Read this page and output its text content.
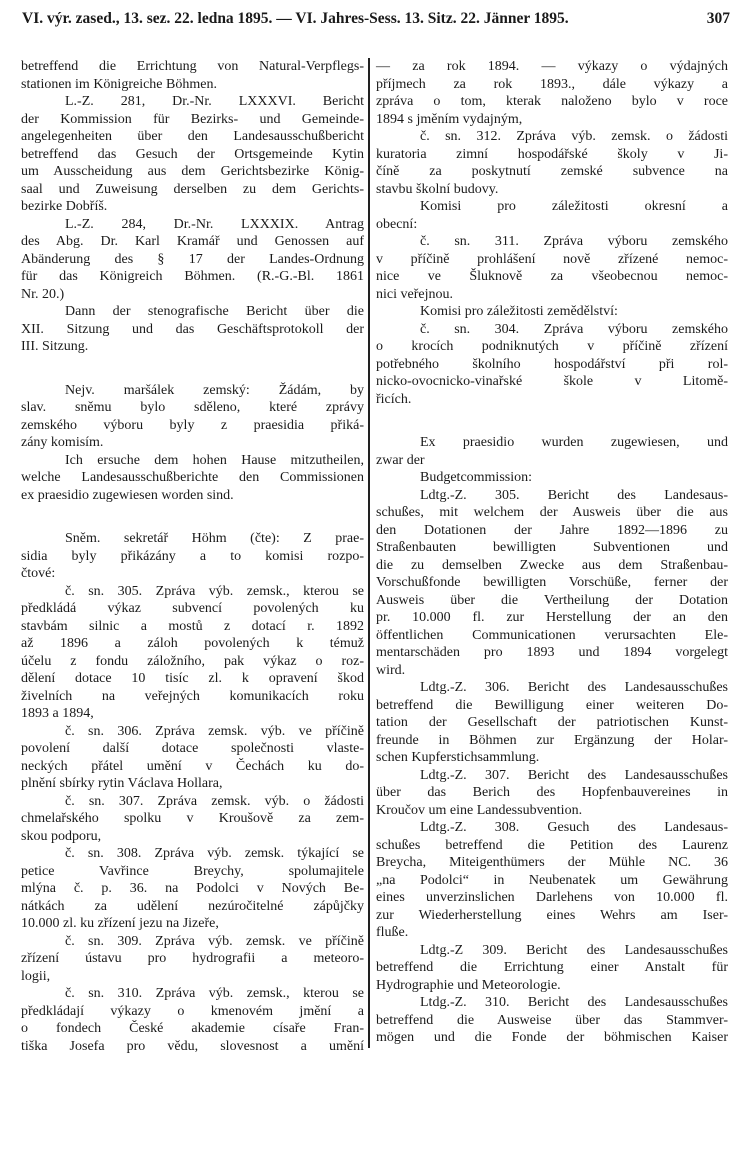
VI. výr. zased., 13. sez. 22. ledna 1895. — VI. Jahres-Sess. 13. Sitz. 22. Jänner 1895.	307
betreffend die Errichtung von Natural-Verpflegs-
stationen im Königreiche Böhmen.
L.-Z. 281, Dr.-Nr. LXXXVI. Bericht
der Kommission für Bezirks- und Gemeinde-
angelegenheiten über den Landesausschußbericht
betreffend das Gesuch der Ortsgemeinde Kytin
um Ausscheidung aus dem Gerichtsbezirke König-
saal und Zuweisung derselben zu dem Gerichts-
bezirke Dobříš.
L.-Z. 284, Dr.-Nr. LXXXIX. Antrag
des Abg. Dr. Karl Kramář und Genossen auf
Abänderung des § 17 der Landes-Ordnung
für das Königreich Böhmen. (R.-G.-Bl. 1861
Nr. 20.)
Dann der stenografische Bericht über die
XII. Sitzung und das Geschäftsprotokoll der
III. Sitzung.
Nejv. maršálek zemský: Žádám, by
slav. sněmu bylo sděleno, které zprávy
zemského výboru byly z praesidia přiká-
zány komisím.
Ich ersuche dem hohen Hause mitzutheilen,
welche Landesausschußberichte den Commissionen
ex praesidio zugewiesen worden sind.
Sněm. sekretář Höhm (čte): Z prae-
sidia byly přikázány a to komisi rozpo-
čtové:
č. sn. 305. Zpráva výb. zemsk., kterou se
předkládá výkaz subvencí povolených ku
stavbám silnic a mostů z dotací r. 1892
až 1896 a záloh povolených k témuž
účelu z fondu záložního, pak výkaz o roz-
dělení dotace 10 tisíc zl. k opravení škod
živelních na veřejných komunikacích roku
1893 a 1894,
č. sn. 306. Zpráva zemsk. výb. ve příčině
povolení další dotace společnosti vlaste-
neckých přátel umění v Čechách ku do-
plnění sbírky rytin Václava Hollara,
č. sn. 307. Zpráva zemsk. výb. o žádosti
chmelařského spolku v Kroušově za zem-
skou podporu,
č. sn. 308. Zpráva výb. zemsk. týkající se
petice Vavřince Breychy, spolumajitele
mlýna č. p. 36. na Podolci v Nových Be-
nátkách za udělení nezúročitelné zápůjčky
10.000 zl. ku zřízení jezu na Jizeře,
č. sn. 309. Zpráva výb. zemsk. ve příčině
zřízení ústavu pro hydrografii a meteoro-
logii,
č. sn. 310. Zpráva výb. zemsk., kterou se
předkládají výkazy o kmenovém jmění a
o fondech České akademie císaře Fran-
tiška Josefa pro vědu, slovesnost a umění
— za rok 1894. — výkazy o výdajných
příjmech za rok 1893., dále výkazy a
zpráva o tom, kterak naloženo bylo v roce
1894 s jměním vydajným,
č. sn. 312. Zpráva výb. zemsk. o žádosti
kuratoria zimní hospodářské školy v Ji-
číně za poskytnutí zemské subvence na
stavbu školní budovy.
Komisi pro záležitosti okresní a
obecní:
č. sn. 311. Zpráva výboru zemského
v příčině prohlášení nově zřízené nemoc-
nice ve Šluknově za všeobecnou nemoc-
nici veřejnou.
Komisi pro záležitosti zemědělství:
č. sn. 304. Zpráva výboru zemského
o krocích podniknutých v příčině zřízení
potřebného školního hospodářství při rol-
nicko-ovocnicko-vinařské škole v Litomě-
řicích.
Ex praesidio wurden zugewiesen, und
zwar der
Budgetcommission:
Ldtg.-Z. 305. Bericht des Landesaus-
schußes, mit welchem der Ausweis über die aus
den Dotationen der Jahre 1892—1896 zu
Straßenbauten bewilligten Subventionen und
die zu demselben Zwecke aus dem Straßenbau-
Vorschußfonde bewilligten Vorschüße, ferner der
Ausweis über die Vertheilung der Dotation
pr. 10.000 fl. zur Herstellung der an den
öffentlichen Communicationen verursachten Ele-
mentarschäden pro 1893 und 1894 vorgelegt
wird.
Ldtg.-Z. 306. Bericht des Landesausschußes
betreffend die Bewilligung einer weiteren Do-
tation der Gesellschaft der patriotischen Kunst-
freunde in Böhmen zur Ergänzung der Holar-
schen Kupferstichsammlung.
Ldtg.-Z. 307. Bericht des Landesausschußes
über das Berich des Hopfenbauvereines in
Kroučov um eine Landessubvention.
Ldtg.-Z. 308. Gesuch des Landesaus-
schußes betreffend die Petition des Laurenz
Breycha, Miteigenthümers der Mühle NC. 36
„na Podolci“ in Neubenatek um Gewährung
eines unverzinslichen Darlehens von 10.000 fl.
zur Wiederherstellung eines Wehrs am Iser-
fluße.
Ldtg.-Z 309. Bericht des Landesausschußes
betreffend die Errichtung einer Anstalt für
Hydrographie und Meteorologie.
Ltdg.-Z. 310. Bericht des Landesausschußes
betreffend die Ausweise über das Stammver-
mögen und die Fonde der böhmischen Kaiser
